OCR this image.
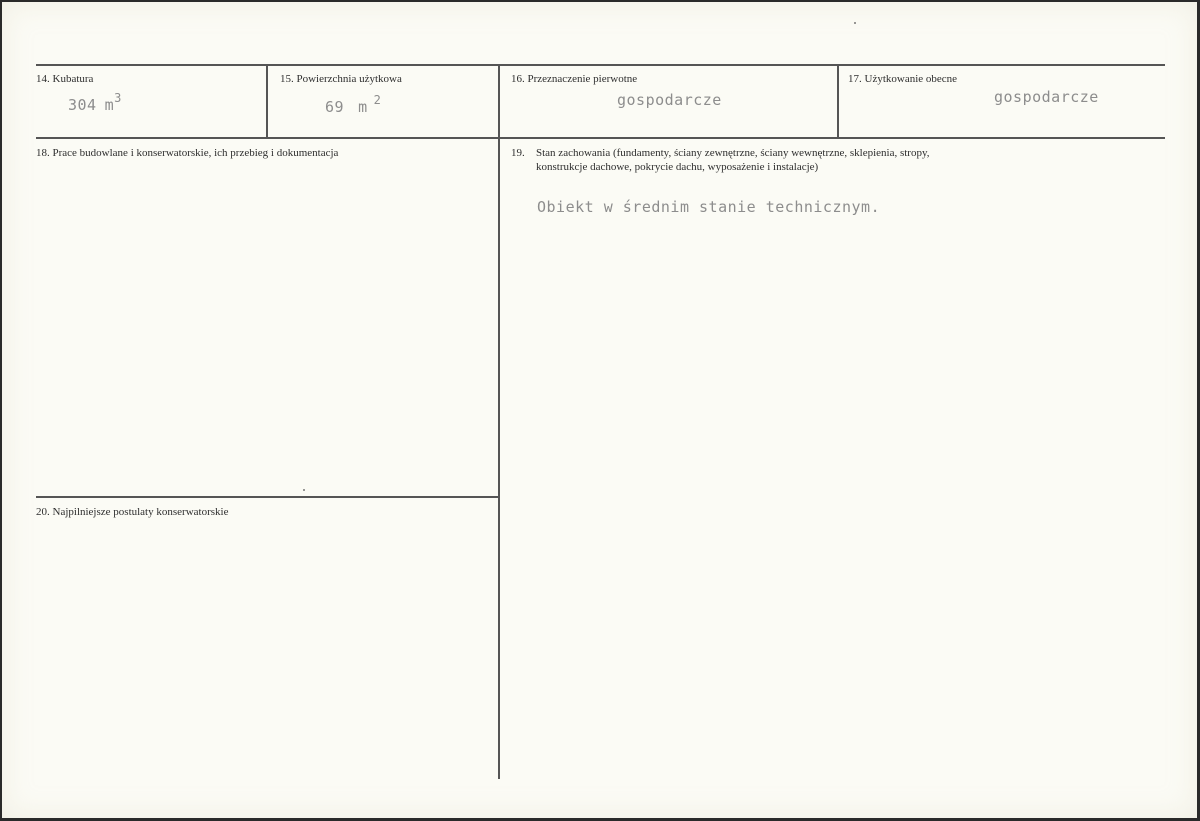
14. Kubatura
304 $m^3$
15. Powierzchnia użytkowa
69 m $^2$
16. Przeznaczenie pierwotne
gospodarcze
17. Użytkowanie obecne
gospodarcze
18. Prace budowlane i konserwatorskie, ich przebieg i dokumentacja	19. Stan zachowania (fundamenty, ściany zewnętrzne, ściany wewnętrzne, sklepienia, stropy,
konstrukcje dachowe, pokrycie dachu, wyposażenie i instalacje)
Obiekt w średnim stanie technicznym.
20. Najpilniejsze postulaty konserwatorskie
